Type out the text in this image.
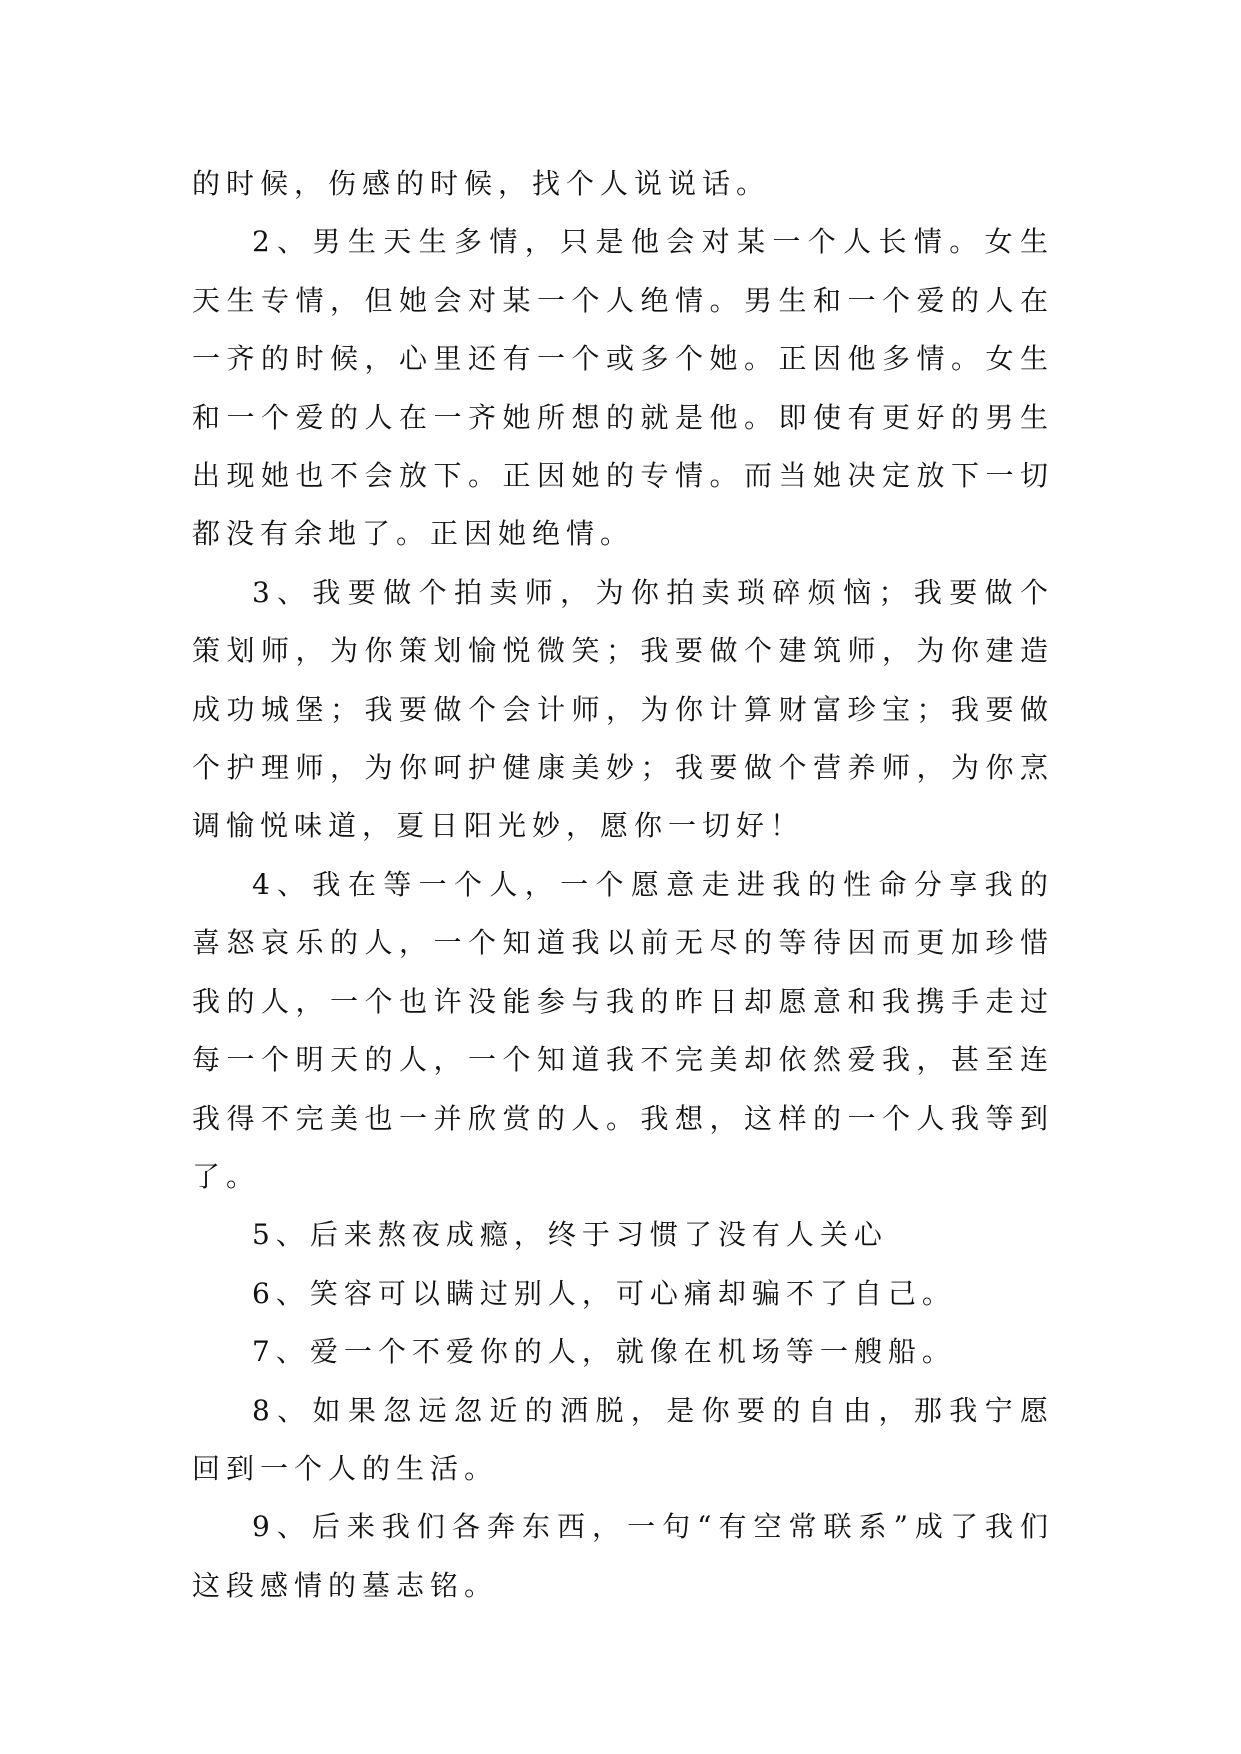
的时候，伤感的时候，找个人说说话。

2、男生天生多情，只是他会对某一个人长情。女生天生专情，但她会对某一个人绝情。男生和一个爱的人在一齐的时候，心里还有一个或多个她。正因他多情。女生和一个爱的人在一齐她所想的就是他。即使有更好的男生出现她也不会放下。正因她的专情。而当她决定放下一切都没有余地了。正因她绝情。

3、我要做个拍卖师，为你拍卖琐碎烦恼；我要做个策划师，为你策划愉悦微笑；我要做个建筑师，为你建造成功城堡；我要做个会计师，为你计算财富珍宝；我要做个护理师，为你呵护健康美妙；我要做个营养师，为你烹调愉悦味道，夏日阳光妙，愿你一切好！

4、我在等一个人，一个愿意走进我的性命分享我的喜怒哀乐的人，一个知道我以前无尽的等待因而更加珍惜我的人，一个也许没能参与我的昨日却愿意和我携手走过每一个明天的人，一个知道我不完美却依然爱我，甚至连我得不完美也一并欣赏的人。我想，这样的一个人我等到了。

5、后来熬夜成瘾，终于习惯了没有人关心

6、笑容可以瞒过别人，可心痛却骗不了自己。

7、爱一个不爱你的人，就像在机场等一艘船。

8、如果忽远忽近的洒脱，是你要的自由，那我宁愿回到一个人的生活。

9、后来我们各奔东西，一句“有空常联系”成了我们这段感情的墓志铭。
